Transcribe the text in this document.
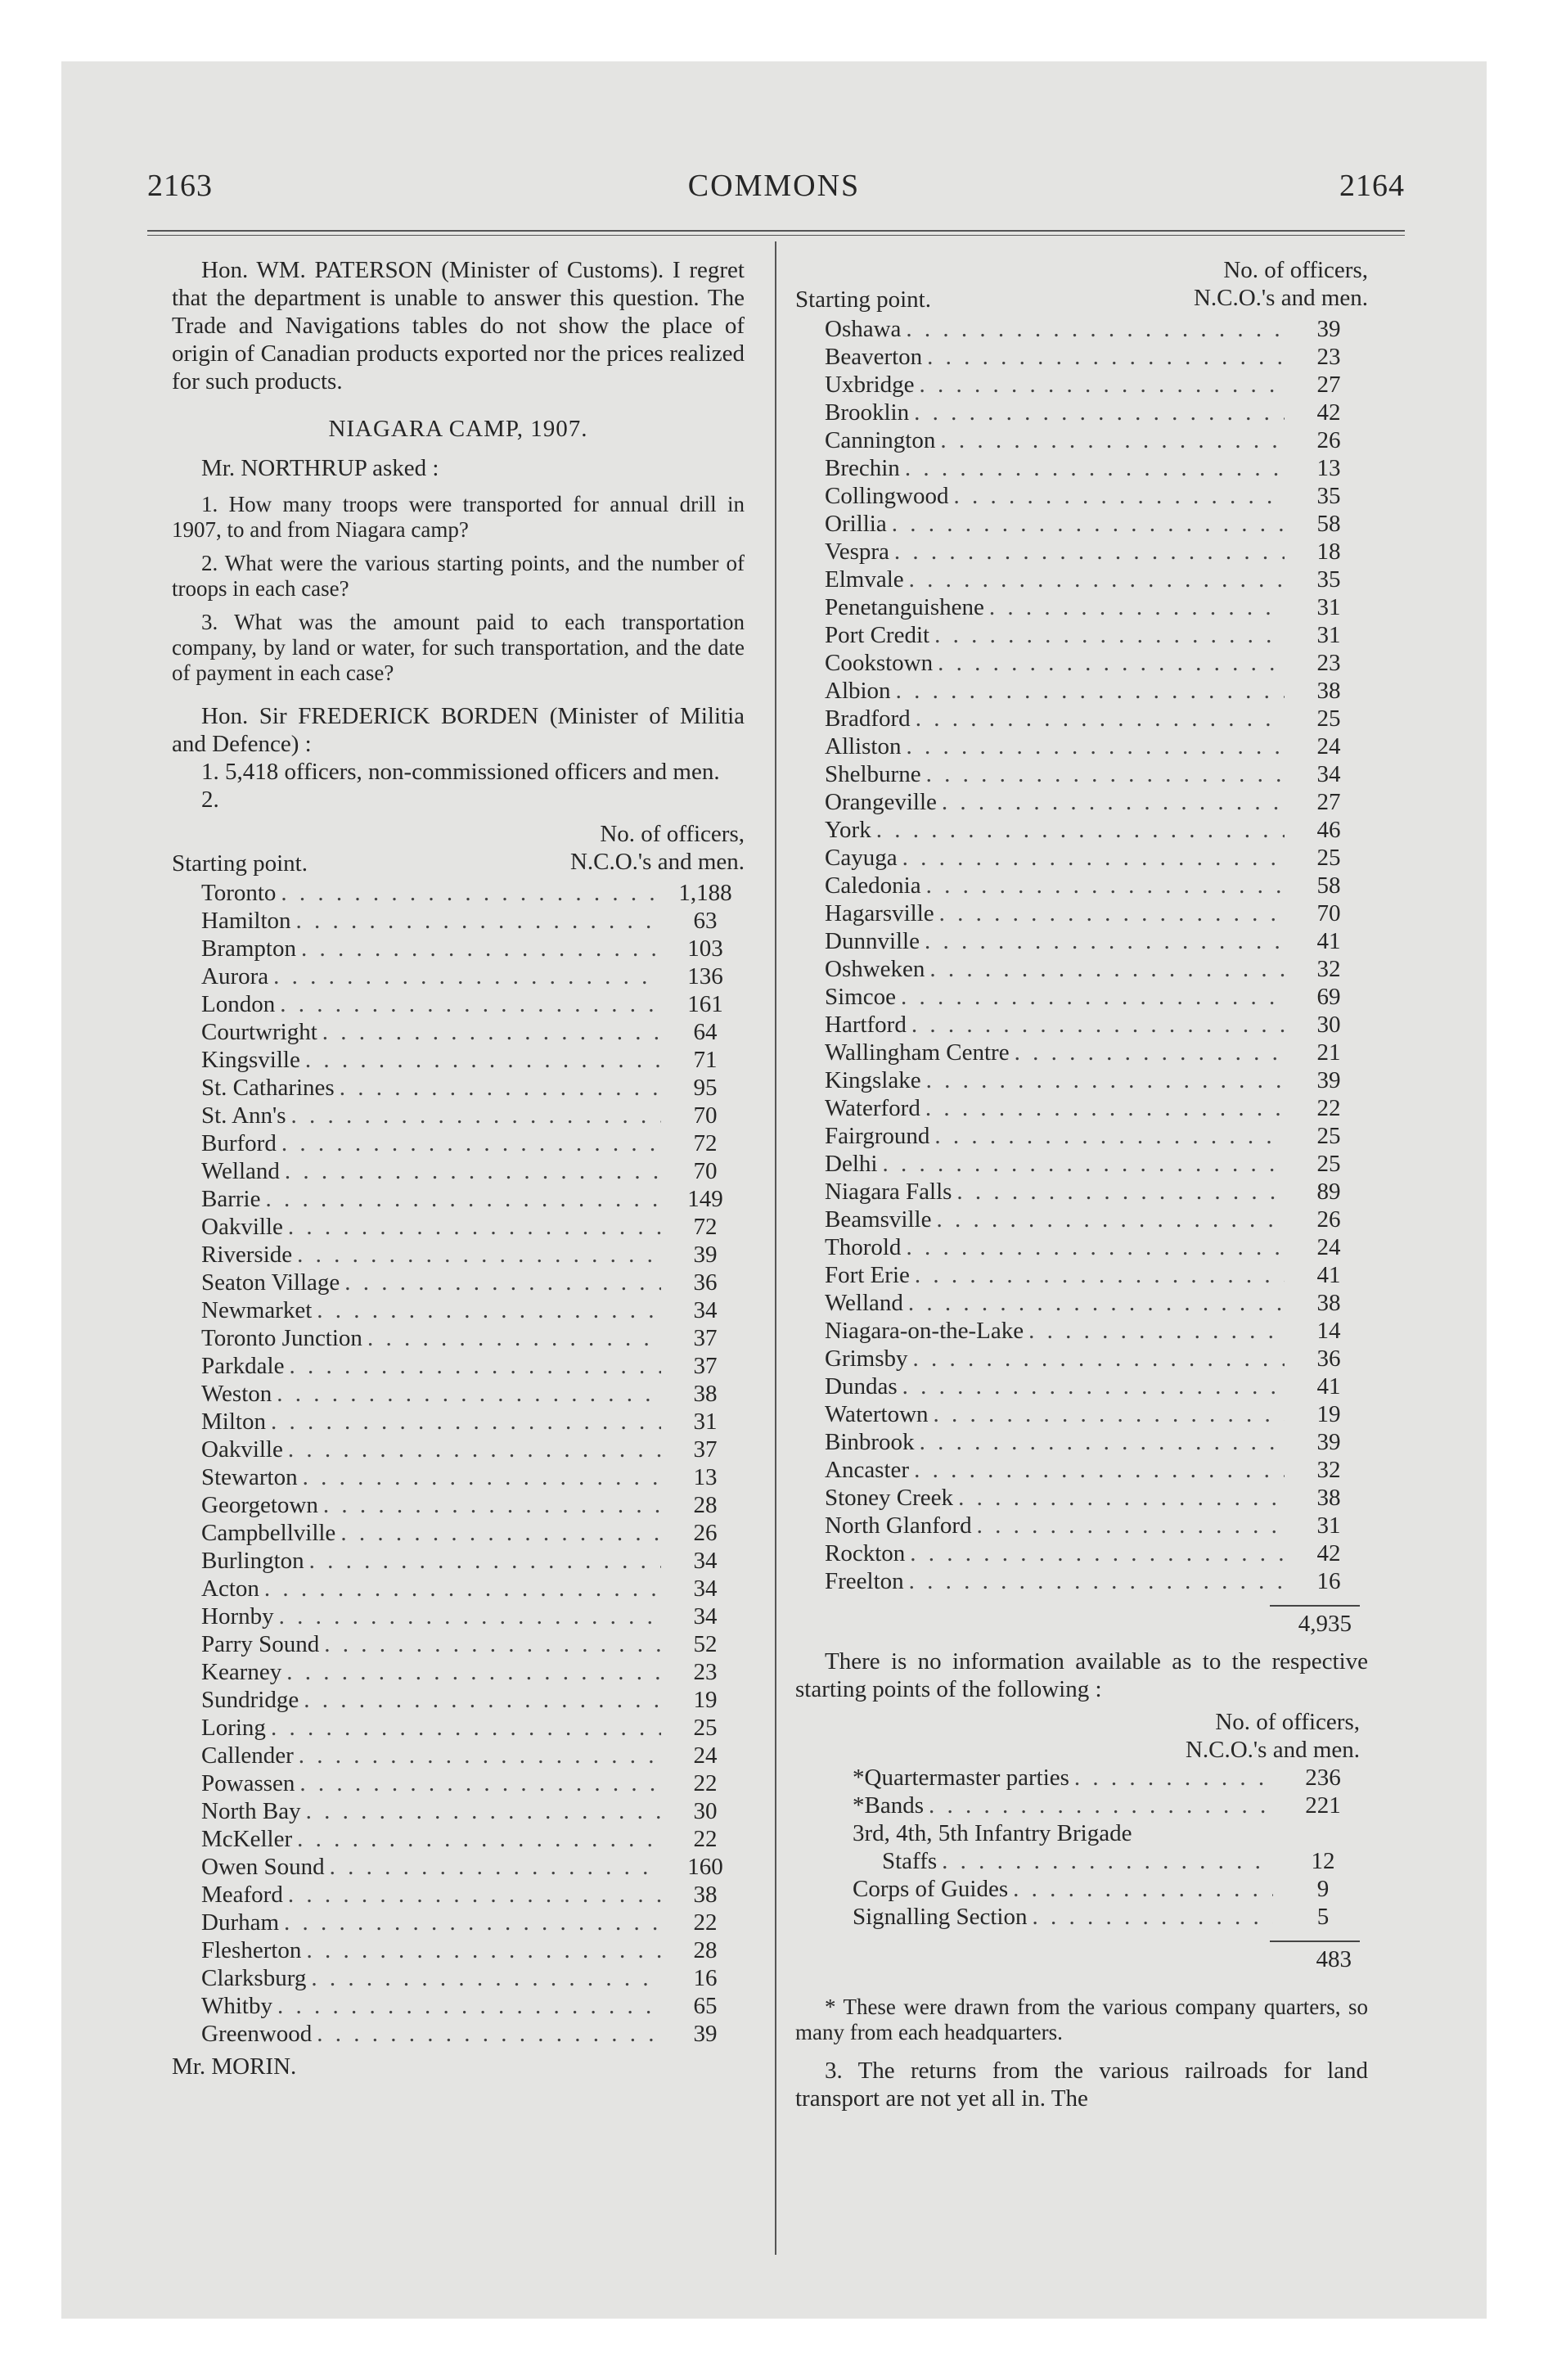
2163	COMMONS	2164

Hon. WM. PATERSON (Minister of Customs). I regret that the department is unable to answer this question. The Trade and Navigations tables do not show the place of origin of Canadian products exported nor the prices realized for such products.

NIAGARA CAMP, 1907.
Mr. NORTHRUP asked :

1. How many troops were transported for annual drill in 1907, to and from Niagara camp?

2. What were the various starting points, and the number of troops in each case?

3. What was the amount paid to each transportation company, by land or water, for such transportation, and the date of payment in each case?

Hon. Sir FREDERICK BORDEN (Minister of Militia and Defence) :

1. 5,418 officers, non-commissioned officers and men.

2.

No. of officers,
N.C.O.'s and men.
Starting point.
Toronto . . .	1,188
Hamilton . . .	63
Brampton . . .	103
Aurora . . .	136
London . . .	161
Courtwright . . .	64
Kingsville . . .	71
St. Catharines . . .	95
St. Ann's . . .	70
Burford . . .	72
Welland . . .	70
Barrie . . .	149
Oakville . . .	72
Riverside . . .	39
Seaton Village . . .	36
Newmarket . . .	34
Toronto Junction . . .	37
Parkdale . . .	37
Weston . . .	38
Milton . . .	31
Oakville . . .	37
Stewarton . . .	13
Georgetown . . .	28
Campbellville . . .	26
Burlington . . .	34
Acton . . .	34
Hornby . . .	34
Parry Sound . . .	52
Kearney . . .	23
Sundridge . . .	19
Loring . . .	25
Callender . . .	24
Powassen . . .	22
North Bay . . .	30
McKeller . . .	22
Owen Sound . . .	160
Meaford . . .	38
Durham . . .	22
Flesherton . . .	28
Clarksburg . . .	16
Whitby . . .	65
Greenwood . . .	39
Mr. MORIN.
No. of officers,
N.C.O.'s and men.
Starting point.
Oshawa . . .	39
Beaverton . . .	23
Uxbridge . . .	27
Brooklin . . .	42
Cannington . . .	26
Brechin . . .	13
Collingwood . . .	35
Orillia . . .	58
Vespra . . .	18
Elmvale . . .	35
Penetanguishene . . .	31
Port Credit . . .	31
Cookstown . . .	23
Albion . . .	38
Bradford . . .	25
Alliston . . .	24
Shelburne . . .	34
Orangeville . . .	27
York . . .	46
Cayuga . . .	25
Caledonia . . .	58
Hagarsville . . .	70
Dunnville . . .	41
Oshweken . . .	32
Simcoe . . .	69
Hartford . . .	30
Wallingham Centre . . .	21
Kingslake . . .	39
Waterford . . .	22
Fairground . . .	25
Delhi . . .	25
Niagara Falls . . .	89
Beamsville . . .	26
Thorold . . .	24
Fort Erie . . .	41
Welland . . .	38
Niagara-on-the-Lake . . .	14
Grimsby . . .	36
Dundas . . .	41
Watertown . . .	19
Binbrook . . .	39
Ancaster . . .	32
Stoney Creek . . .	38
North Glanford . . .	31
Rockton . . .	42
Freelton . . .	16
4,935

There is no information available as to the respective starting points of the following :

No. of officers,
N.C.O.'s and men.
*Quartermaster parties . . .	236
*Bands . . .	221
3rd, 4th, 5th Infantry Brigade
Staffs . . .	12
Corps of Guides . . .	9
Signalling Section . . .	5
483

* These were drawn from the various company quarters, so many from each headquarters.

3. The returns from the various railroads for land transport are not yet all in. The
